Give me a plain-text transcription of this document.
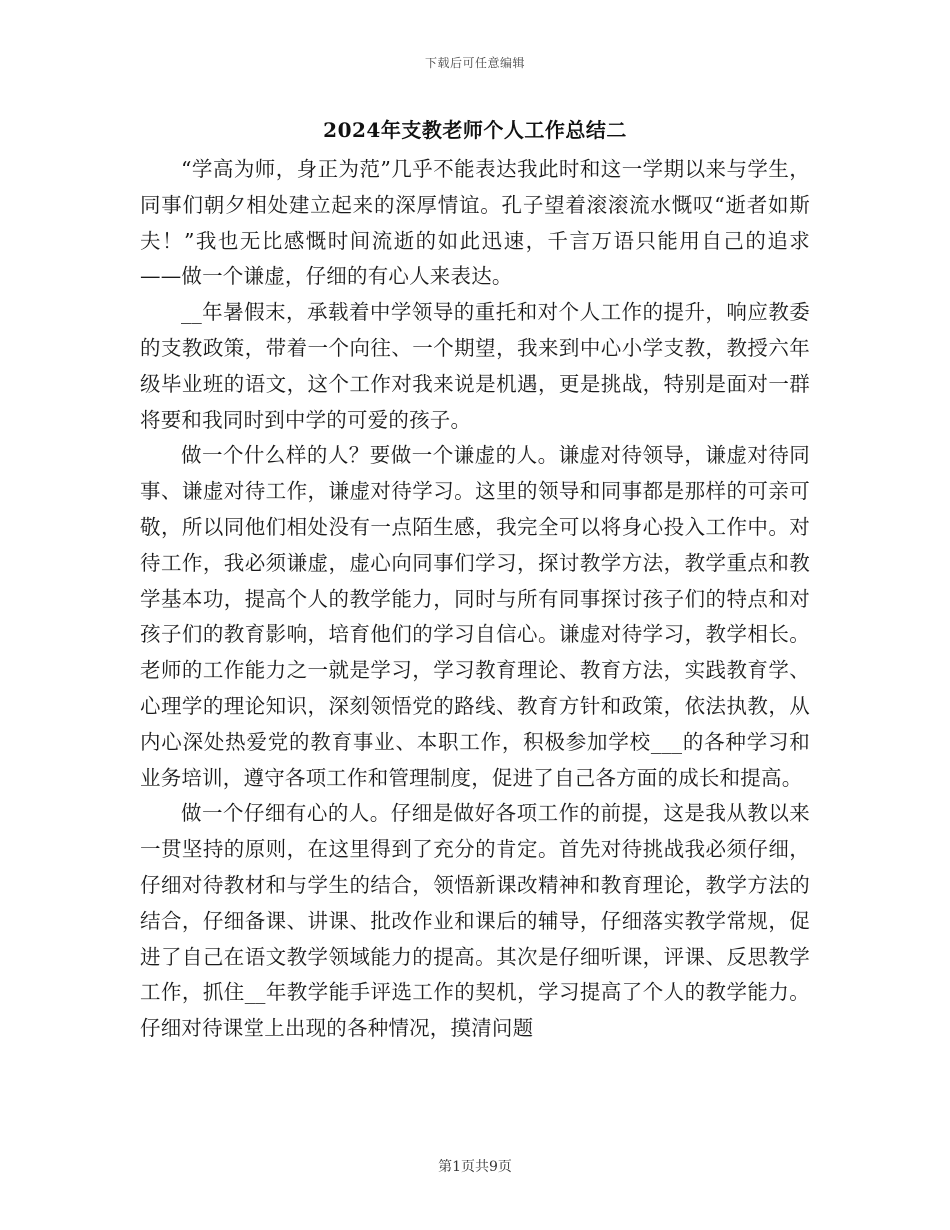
下载后可任意编辑
2024年支教老师个人工作总结二

“学高为师，身正为范”几乎不能表达我此时和这一学期以来与学生，同事们朝夕相处建立起来的深厚情谊。孔子望着滚滚流水慨叹“逝者如斯夫！”我也无比感慨时间流逝的如此迅速，千言万语只能用自己的追求——做一个谦虚，仔细的有心人来表达。

__年暑假末，承载着中学领导的重托和对个人工作的提升，响应教委的支教政策，带着一个向往、一个期望，我来到中心小学支教，教授六年级毕业班的语文，这个工作对我来说是机遇，更是挑战，特别是面对一群将要和我同时到中学的可爱的孩子。

做一个什么样的人？要做一个谦虚的人。谦虚对待领导，谦虚对待同事、谦虚对待工作，谦虚对待学习。这里的领导和同事都是那样的可亲可敬，所以同他们相处没有一点陌生感，我完全可以将身心投入工作中。对待工作，我必须谦虚，虚心向同事们学习，探讨教学方法，教学重点和教学基本功，提高个人的教学能力，同时与所有同事探讨孩子们的特点和对孩子们的教育影响，培育他们的学习自信心。谦虚对待学习，教学相长。老师的工作能力之一就是学习，学习教育理论、教育方法，实践教育学、心理学的理论知识，深刻领悟党的路线、教育方针和政策，依法执教，从内心深处热爱党的教育事业、本职工作，积极参加学校___的各种学习和业务培训，遵守各项工作和管理制度，促进了自己各方面的成长和提高。

做一个仔细有心的人。仔细是做好各项工作的前提，这是我从教以来一贯坚持的原则，在这里得到了充分的肯定。首先对待挑战我必须仔细，仔细对待教材和与学生的结合，领悟新课改精神和教育理论，教学方法的结合，仔细备课、讲课、批改作业和课后的辅导，仔细落实教学常规，促进了自己在语文教学领域能力的提高。其次是仔细听课，评课、反思教学工作，抓住__年教学能手评选工作的契机，学习提高了个人的教学能力。仔细对待课堂上出现的各种情况，摸清问题

第1页共9页
